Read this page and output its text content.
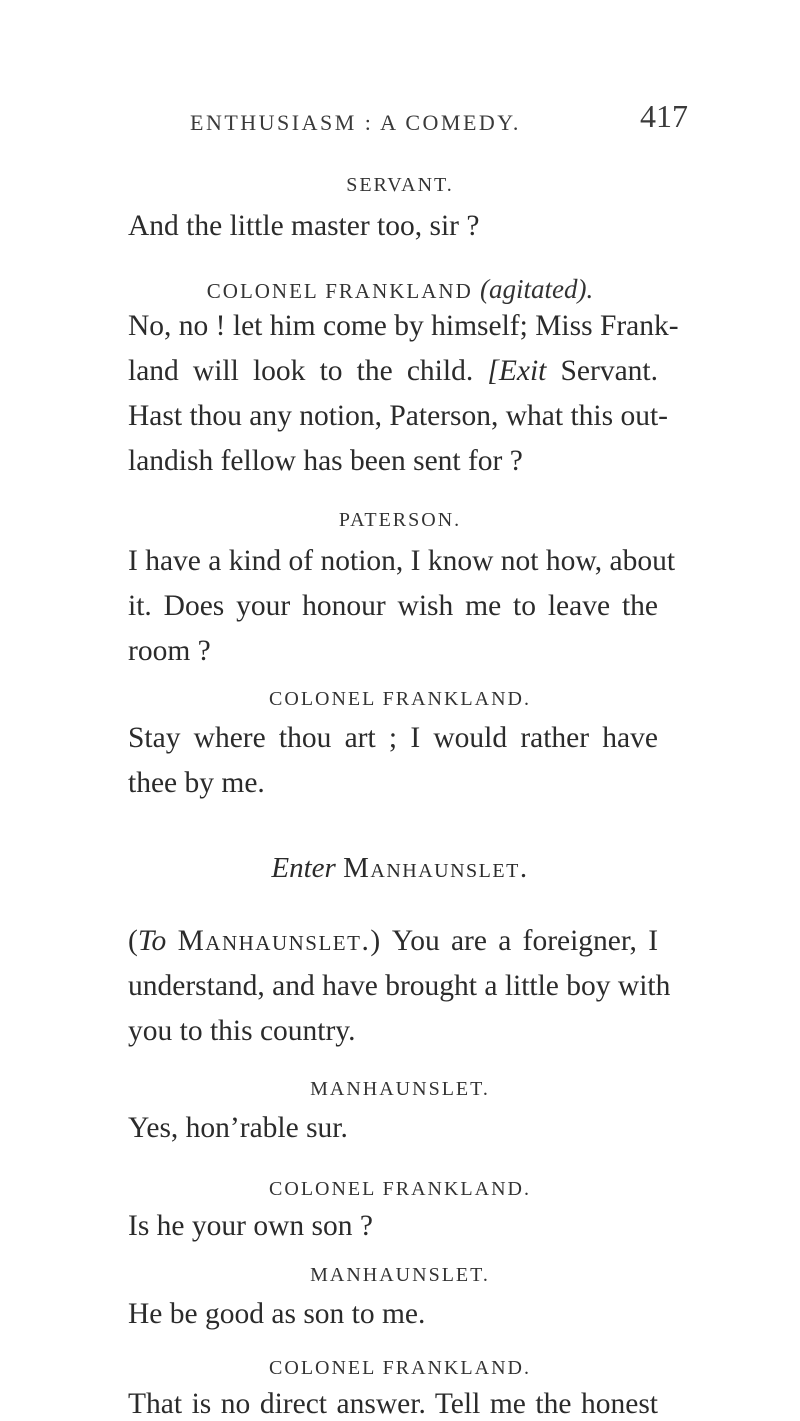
ENTHUSIASM : A COMEDY.	417
SERVANT.
And the little master too, sir ?
COLONEL FRANKLAND (agitated).
No, no ! let him come by himself; Miss Frank-
land will look to the child. [Exit Servant.
Hast thou any notion, Paterson, what this out-
landish fellow has been sent for ?
PATERSON.
I have a kind of notion, I know not how, about
it. Does your honour wish me to leave the
room ?
COLONEL FRANKLAND.
Stay where thou art ; I would rather have
thee by me.
Enter Manhaunslet.
(To Manhaunslet.) You are a foreigner, I
understand, and have brought a little boy with
you to this country.
MANHAUNSLET.
Yes, hon’rable sur.
COLONEL FRANKLAND.
Is he your own son ?
MANHAUNSLET.
He be good as son to me.
COLONEL FRANKLAND.
That is no direct answer. Tell me the honest
